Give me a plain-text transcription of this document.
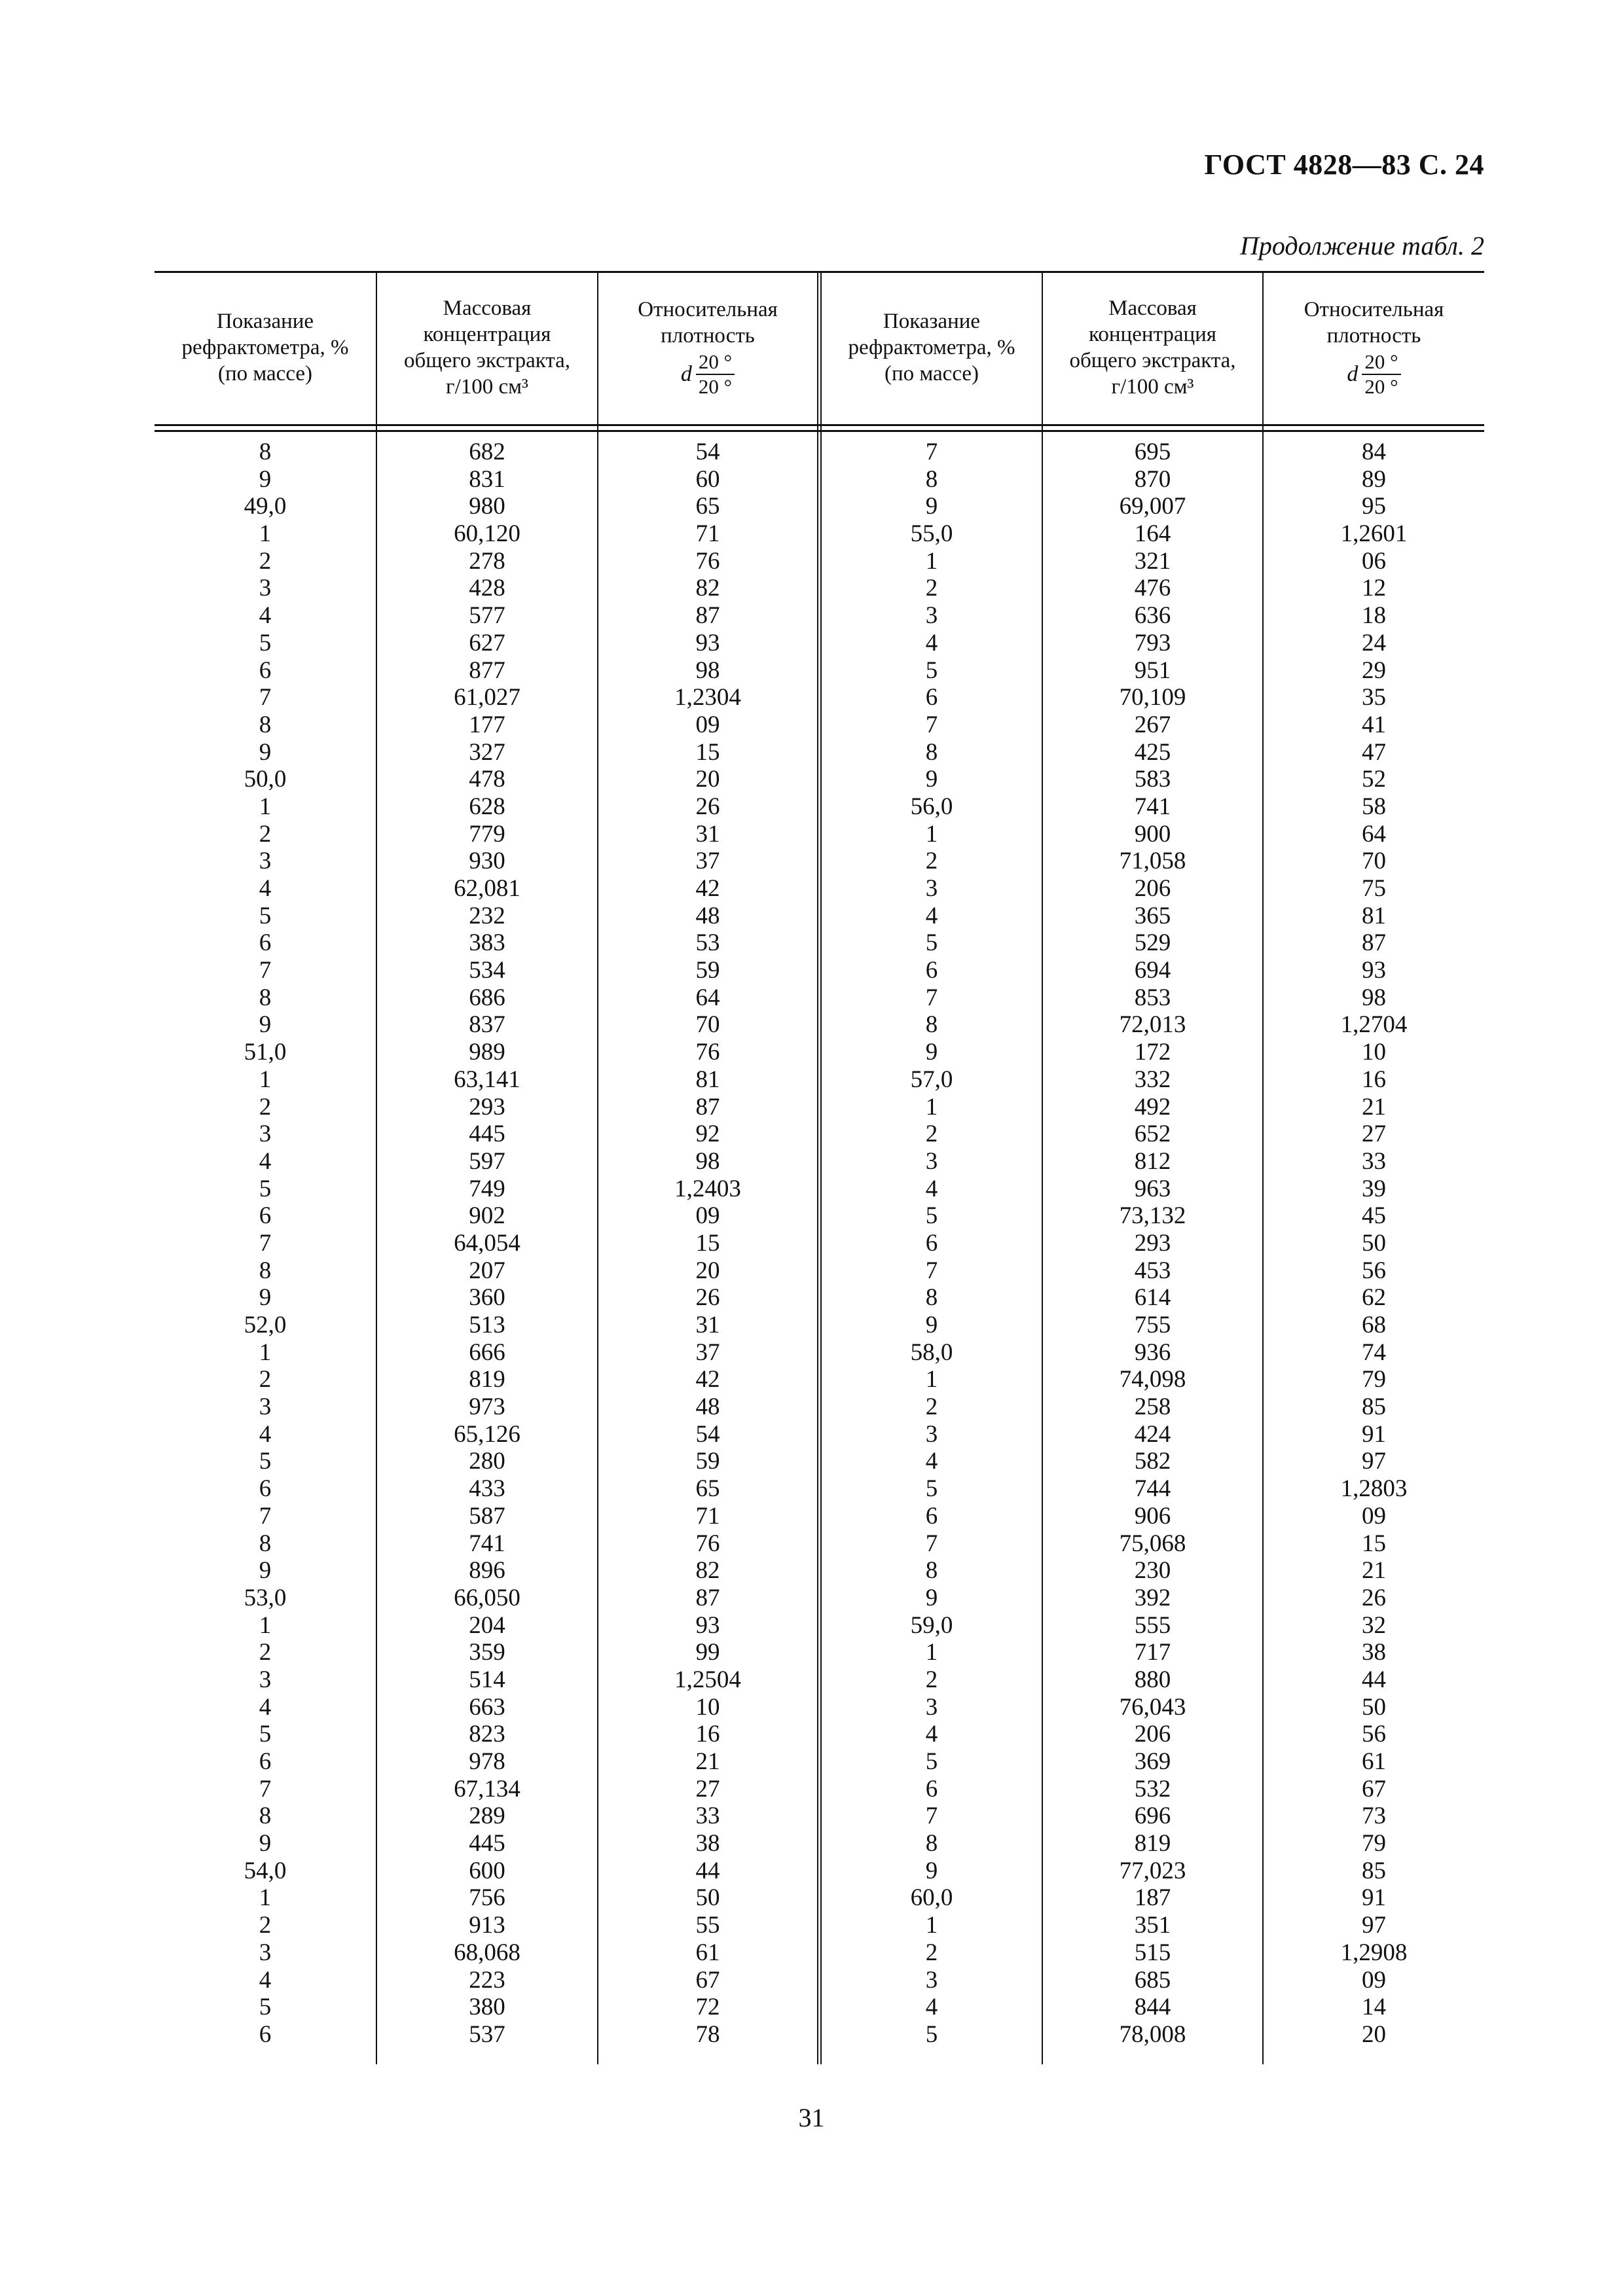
ГОСТ 4828—83 С. 24
Продолжение табл. 2
Показание
рефрактометра, %
(по массе)
Массовая
концентрация
общего экстракта,
г/100 см³
Относительная
плотность
d $\frac{20 ^\circ}{20 ^\circ}$
Показание
рефрактометра, %
(по массе)
Массовая
концентрация
общего экстракта,
г/100 см³
Относительная
плотность
d $\frac{20 ^\circ}{20 ^\circ}$
8
9
49,0
1
2
3
4
5
6
7
8
9
50,0
1
2
3
4
5
6
7
8
9
51,0
1
2
3
4
5
6
7
8
9
52,0
1
2
3
4
5
6
7
8
9
53,0
1
2
3
4
5
6
7
8
9
54,0
1
2
3
4
5
6
682
831
980
60,120
278
428
577
627
877
61,027
177
327
478
628
779
930
62,081
232
383
534
686
837
989
63,141
293
445
597
749
902
64,054
207
360
513
666
819
973
65,126
280
433
587
741
896
66,050
204
359
514
663
823
978
67,134
289
445
600
756
913
68,068
223
380
537
54
60
65
71
76
82
87
93
98
1,2304
09
15
20
26
31
37
42
48
53
59
64
70
76
81
87
92
98
1,2403
09
15
20
26
31
37
42
48
54
59
65
71
76
82
87
93
99
1,2504
10
16
21
27
33
38
44
50
55
61
67
72
78
7
8
9
55,0
1
2
3
4
5
6
7
8
9
56,0
1
2
3
4
5
6
7
8
9
57,0
1
2
3
4
5
6
7
8
9
58,0
1
2
3
4
5
6
7
8
9
59,0
1
2
3
4
5
6
7
8
9
60,0
1
2
3
4
5
695
870
69,007
164
321
476
636
793
951
70,109
267
425
583
741
900
71,058
206
365
529
694
853
72,013
172
332
492
652
812
963
73,132
293
453
614
755
936
74,098
258
424
582
744
906
75,068
230
392
555
717
880
76,043
206
369
532
696
819
77,023
187
351
515
685
844
78,008
84
89
95
1,2601
06
12
18
24
29
35
41
47
52
58
64
70
75
81
87
93
98
1,2704
10
16
21
27
33
39
45
50
56
62
68
74
79
85
91
97
1,2803
09
15
21
26
32
38
44
50
56
61
67
73
79
85
91
97
1,2908
09
14
20
31
